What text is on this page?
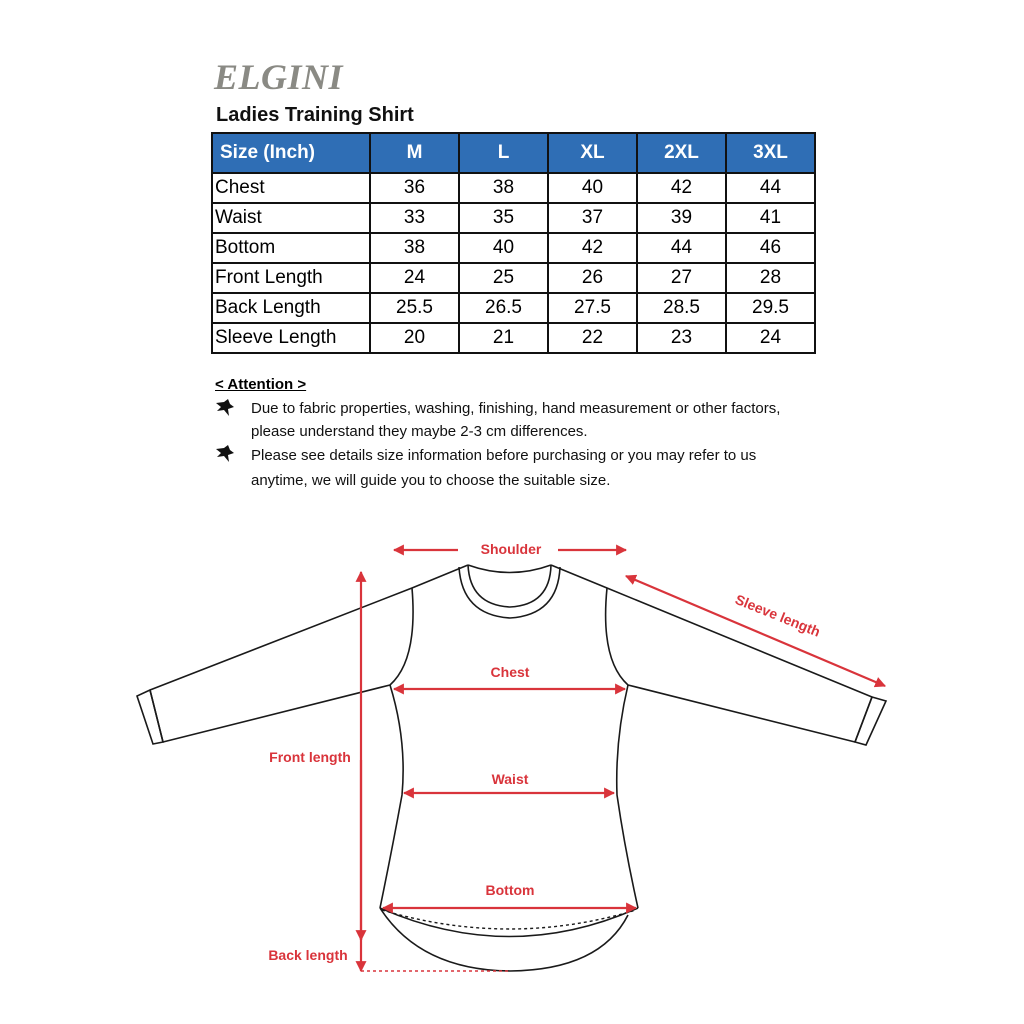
ELGINI
Ladies Training Shirt
Size (Inch)	M	L	XL	2XL	3XL
Chest	36	38	40	42	44
Waist	33	35	37	39	41
Bottom	38	40	42	44	46
Front Length	24	25	26	27	28
Back Length	25.5	26.5	27.5	28.5	29.5
Sleeve Length	20	21	22	23	24
< Attention >
Due to fabric properties, washing, finishing, hand measurement or other factors,
please understand they maybe 2-3 cm differences.
Please see details size information before purchasing or you may refer to us
anytime, we will guide you to choose the suitable size.
Shoulder
Sleeve length
Chest
Front length
Waist
Bottom
Back length
